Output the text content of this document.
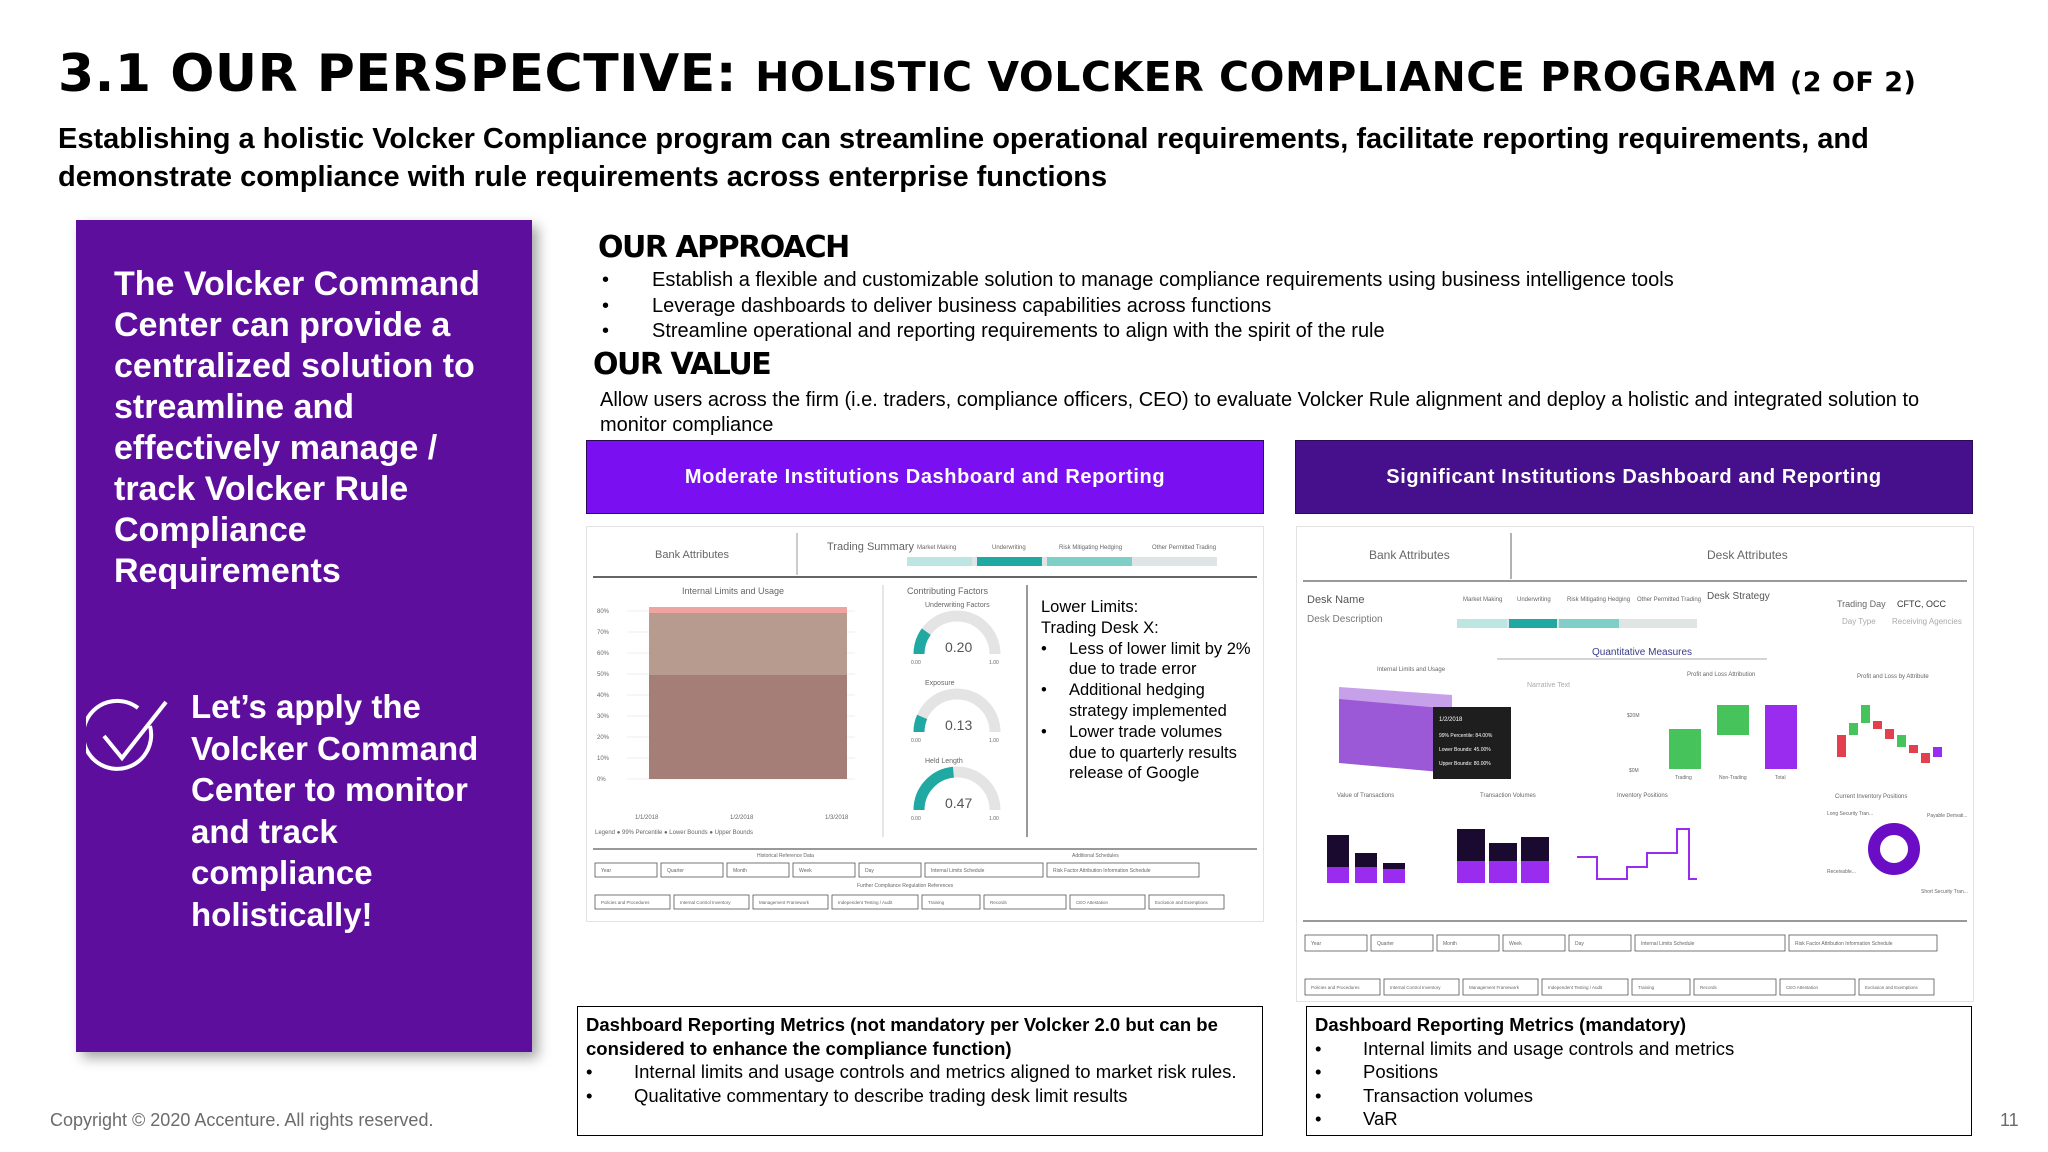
3.1 OUR PERSPECTIVE: HOLISTIC VOLCKER COMPLIANCE PROGRAM (2 OF 2)
Establishing a holistic Volcker Compliance program can streamline operational requirements, facilitate reporting requirements, and demonstrate compliance with rule requirements across enterprise functions
The Volcker Command Center can provide a centralized solution to streamline and effectively manage / track Volcker Rule Compliance Requirements
Let’s apply the Volcker Command Center to monitor and track compliance holistically!
OUR APPROACH
•	Establish a flexible and customizable solution to manage compliance requirements using business intelligence tools
•	Leverage dashboards to deliver business capabilities across functions
•	Streamline operational and reporting requirements to align with the spirit of the rule
OUR VALUE
Allow users across the firm (i.e. traders, compliance officers, CEO) to evaluate Volcker Rule alignment and deploy a holistic and integrated solution to monitor compliance
Moderate Institutions Dashboard and Reporting	Significant Institutions Dashboard and Reporting
Bank Attributes
Trading Summary Market Making	Underwriting	Risk Mitigating Hedging	Other Permitted Trading
Internal Limits and Usage
80%
70%
60%
50%
40%
30%
20%
10%
0%
1/1/2018	1/2/2018	1/3/2018
Legend ● 99% Percentile ● Lower Bounds ● Upper Bounds
Contributing Factors
Underwriting Factors
0.20
0.00	1.00
Exposure
0.13
0.00	1.00
Held Length
0.47
0.00	1.00
Historical Reference Data	Additional Schedules
Year	Quarter	Month	Week	Day	Internal Limits Schedule	Risk Factor Attribution Information Schedule
Further Compliance Regulation References
Policies and Procedures	Internal Control Inventory	Management Framework	Independent Testing / Audit	Training	Records	CEO Attestation	Exclusion and Exemptions
Lower Limits:
Trading Desk X:
•	Less of lower limit by 2% due to trade error
•	Additional hedging strategy implemented
•	Lower trade volumes due to quarterly results release of Google
Bank Attributes	Desk Attributes
Desk Name
Desk Description
Market Making Underwriting	Risk Mitigating Hedging Other Permitted Trading Desk Strategy
Trading Day CFTC, OCC
Day Type Receiving Agencies
Quantitative Measures
Internal Limits and Usage
Narrative Text
1/2/2018
99% Percentile: 84.00%
Lower Bounds: 45.00%
Upper Bounds: 80.00%
Profit and Loss Attribution
$20M
$0M
Trading	Non-Trading	Total
Profit and Loss by Attribute
Value of Transactions	Transaction Volumes	Inventory Positions	Current Inventory Positions
Long Security Tran...	Payable Derivati...
Receivable...
Short Security Tran...
Year	Quarter	Month	Week	Day	Internal Limits Schedule	Risk Factor Attribution Information Schedule
Policies and Procedures	Internal Control Inventory	Management Framework	Independent Testing / Audit	Training	Records	CEO Attestation	Exclusion and Exemptions
Dashboard Reporting Metrics (not mandatory per Volcker 2.0 but can be considered to enhance the compliance function)
•	Internal limits and usage controls and metrics aligned to market risk rules.
•	Qualitative commentary to describe trading desk limit results
Dashboard Reporting Metrics (mandatory)
•	Internal limits and usage controls and metrics
•	Positions
•	Transaction volumes
•	VaR
Copyright © 2020 Accenture. All rights reserved.	11
